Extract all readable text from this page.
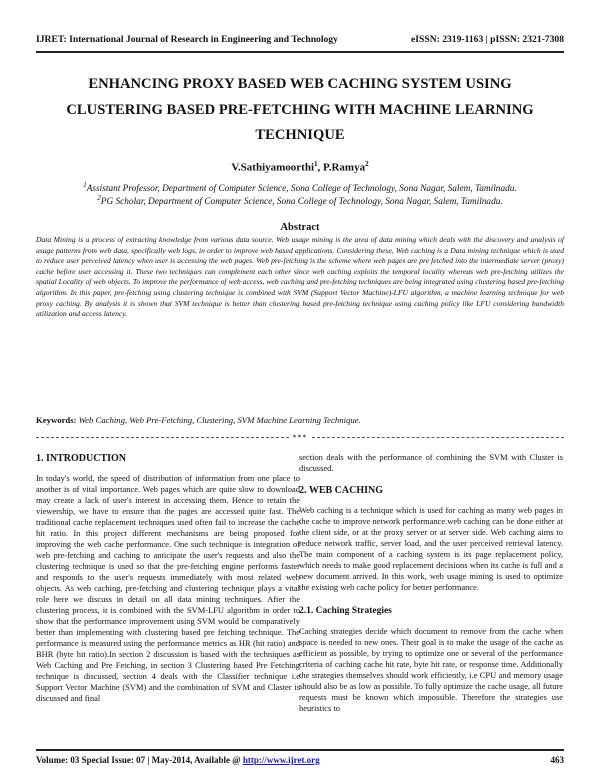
IJRET: International Journal of Research in Engineering and Technology	eISSN: 2319-1163 | pISSN: 2321-7308
ENHANCING PROXY BASED WEB CACHING SYSTEM USING CLUSTERING BASED PRE-FETCHING WITH MACHINE LEARNING TECHNIQUE
V.Sathiyamoorthi$^1$, P.Ramya$^2$
$^1$Assistant Professor, Department of Computer Science, Sona College of Technology, Sona Nagar, Salem, Tamilnadu.
$^2$PG Scholar, Department of Computer Science, Sona College of Technology, Sona Nagar, Salem, Tamilnadu.
Abstract

Data Mining is a process of extracting knowledge from various data source. Web usage mining is the area of data mining which deals with the discovery and analysis of usage patterns from web data, specifically web logs, in order to improve web based applications. Considering these, Web caching is a Data mining technique which is used to reduce user perceived latency when user is accessing the web pages. Web pre-fetching is the scheme where web pages are pre fetched into the intermediate server (proxy) cache before user accessing it. These two techniques can complement each other since web caching exploits the temporal locality whereas web pre-fetching utilizes the spatial Locality of web objects. To improve the performance of web access, web caching and pre-fetching techniques are being integrated using clustering based pre-fetching algorithm. In this paper, pre-fetching using clustering technique is combined with SVM (Support Vector Machine)-LFU algorithm, a machine learning technique for web proxy caching. By analysis it is shown that SVM technique is better than clustering based pre-fetching technique using caching policy like LFU considering bandwidth utilization and access latency.

Keywords: Web Caching, Web Pre-Fetching, Clustering, SVM Machine Learning Technique.
***
1. INTRODUCTION

In today's world, the speed of distribution of information from one place to another is of vital importance. Web pages which are quite slow to download may create a lack of user's interest in accessing them. Hence to retain the viewership, we have to ensure that the pages are accessed quite fast. The traditional cache replacement techniques used often fail to increase the cache hit ratio. In this project different mechanisms are being proposed for improving the web cache performance. One such technique is integration of web pre-fetching and caching to anticipate the user's requests and also the clustering technique is used so that the pre-fetching engine performs faster and responds to the user's requests immediately with most related web objects. As web caching, pre-fetching and clustering technique plays a vital role here we discuss in detail on all data mining techniques. After the clustering process, it is combined with the SVM-LFU algorithm in order to show that the performance improvement using SVM would be comparatively better than implementing with clustering based pre fetching technique. The performance is measured using the performance metrics as HR (hit ratio) and BHR (byte hit ratio).In section 2 discussion is based with the techniques as Web Caching and Pre Fetching, in section 3 Clustering based Pre Fetching technique is discussed, section 4 deals with the Classifier technique i.e Support Vector Machine (SVM) and the combination of SVM and Claster is discussed and final

section deals with the performance of combining the SVM with Cluster is discussed.

2. WEB CACHING

Web caching is a technique which is used for caching as many web pages in the cache to improve network performance.web caching can be done either at the client side, or at the proxy server or at server side. Web caching aims to reduce network traffic, server load, and the user perceived retrieval latency. The main component of a caching system is its page replacement policy, which needs to make good replacement decisions when its cache is full and a new document arrived. In this work, web usage mining is used to optimize the existing web cache policy for better performance.

2.1. Caching Strategies

Caching strategies decide which document to remove from the cache when space is needed to new ones. Their goal is to make the usage of the cache as efficient as possible, by trying to optimize one or several of the performance criteria of caching cache hit rate, byte hit rate, or response time. Additionally the strategies themselves should work efficiently, i.e CPU and memory usage should also be as low as possible. To fully optimize the cache usage, all future requests must be known which impossible. Therefore the strategies use heuristics to

Volume: 03 Special Issue: 07 | May-2014, Available @ http://www.ijret.org	463
